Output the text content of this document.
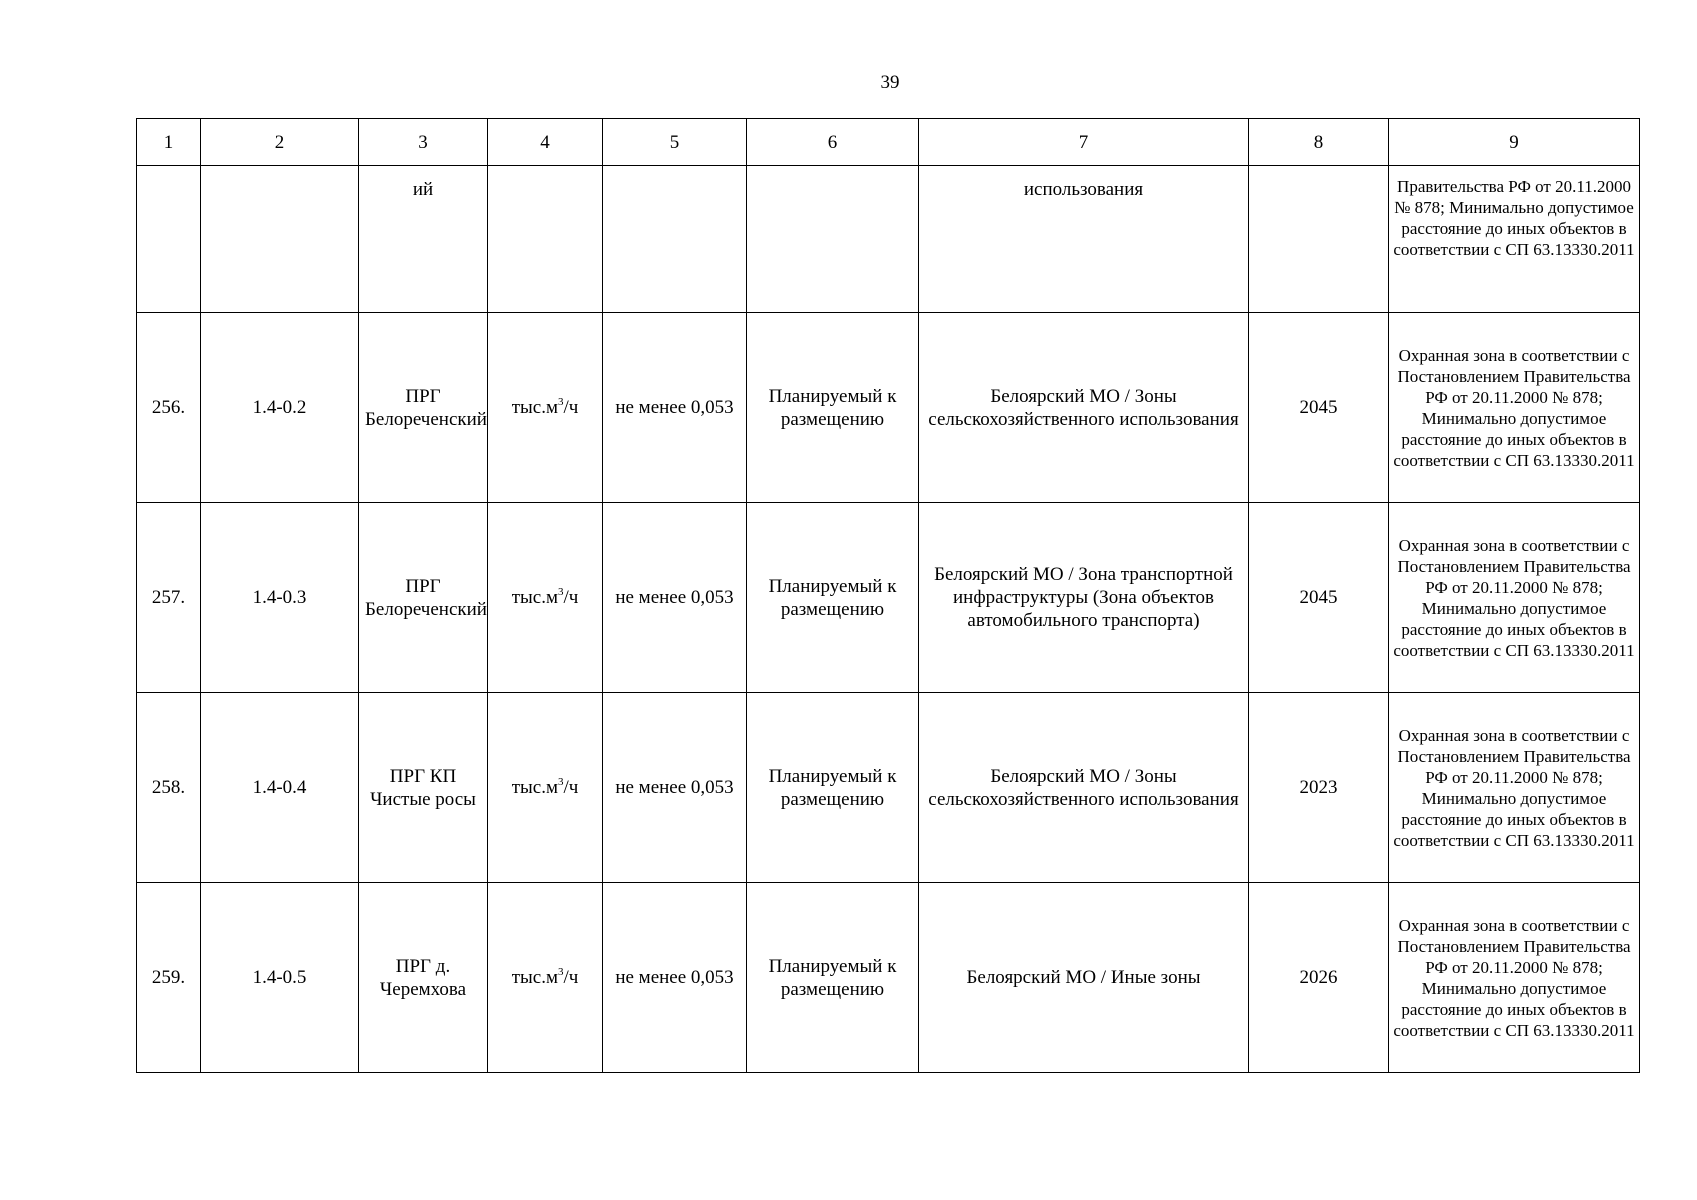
39
1	2	3	4	5	6	7	8	9
		ий				использования		Правительства РФ от 20.11.2000 № 878; Минимально допустимое расстояние до иных объектов в соответствии с СП 63.13330.2011
256.	1.4-0.2	ПРГ Белореченский	$тыс.м^3/ч$	не менее 0,053	Планируемый к размещению	Белоярский МО / Зоны сельскохозяйственного использования	2045	Охранная зона в соответствии с Постановлением Правительства РФ от 20.11.2000 № 878; Минимально допустимое расстояние до иных объектов в соответствии с СП 63.13330.2011
257.	1.4-0.3	ПРГ Белореченский	$тыс.м^3/ч$	не менее 0,053	Планируемый к размещению	Белоярский МО / Зона транспортной инфраструктуры (Зона объектов автомобильного транспорта)	2045	Охранная зона в соответствии с Постановлением Правительства РФ от 20.11.2000 № 878; Минимально допустимое расстояние до иных объектов в соответствии с СП 63.13330.2011
258.	1.4-0.4	ПРГ КП Чистые росы	$тыс.м^3/ч$	не менее 0,053	Планируемый к размещению	Белоярский МО / Зоны сельскохозяйственного использования	2023	Охранная зона в соответствии с Постановлением Правительства РФ от 20.11.2000 № 878; Минимально допустимое расстояние до иных объектов в соответствии с СП 63.13330.2011
259.	1.4-0.5	ПРГ д. Черемхова	$тыс.м^3/ч$	не менее 0,053	Планируемый к размещению	Белоярский МО / Иные зоны	2026	Охранная зона в соответствии с Постановлением Правительства РФ от 20.11.2000 № 878; Минимально допустимое расстояние до иных объектов в соответствии с СП 63.13330.2011
